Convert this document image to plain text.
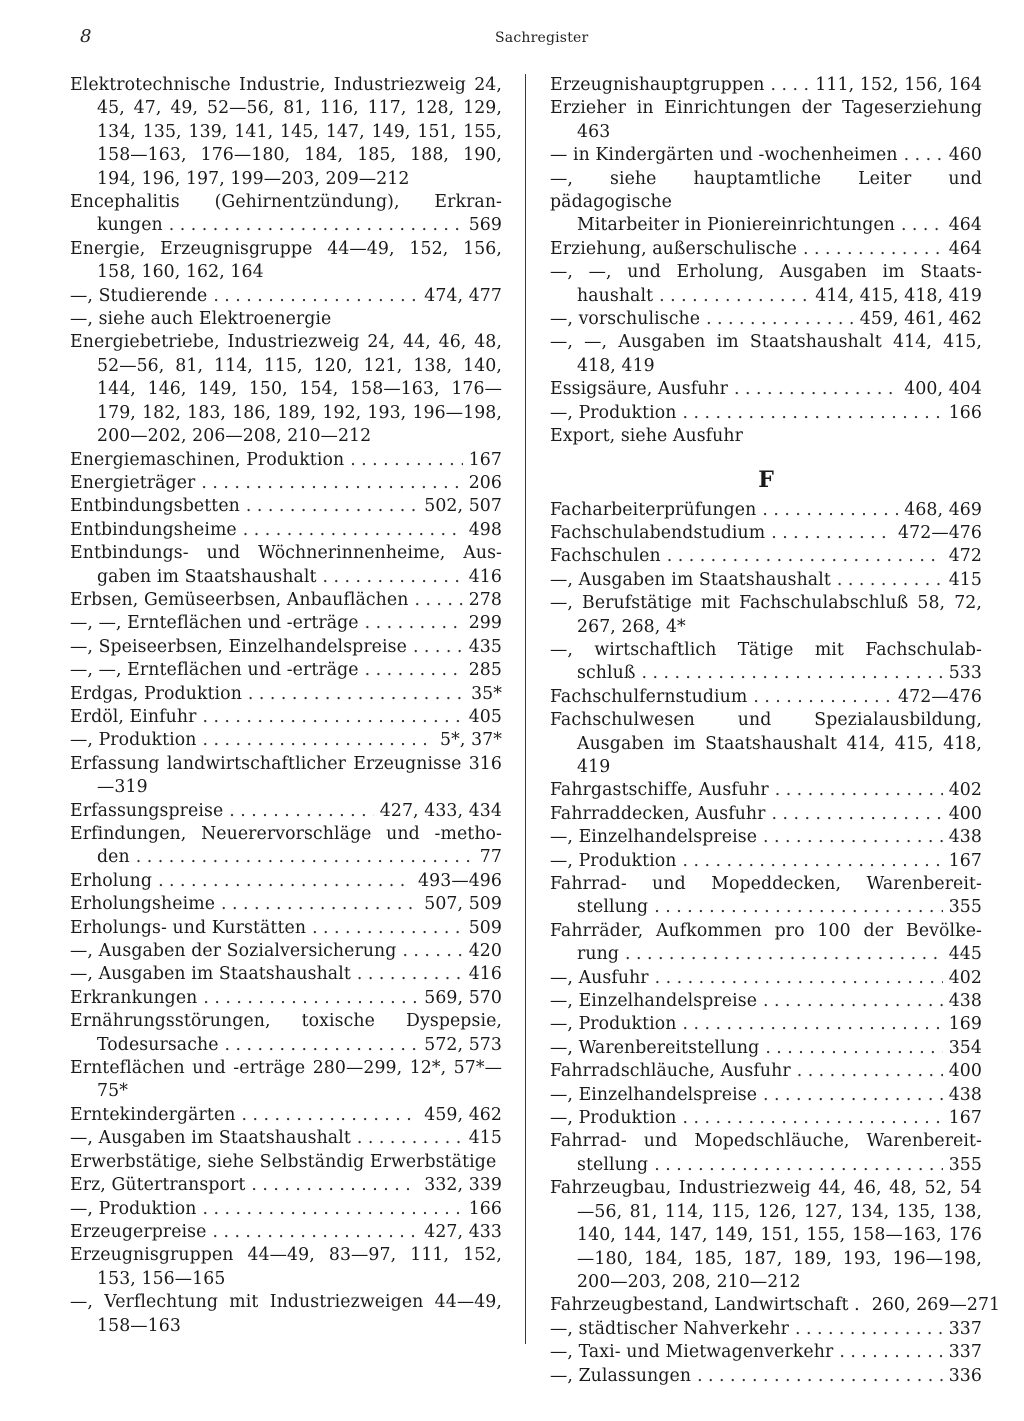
8	Sachregister
Elektrotechnische Industrie, Industriezweig 24, 45, 47, 49, 52—56, 81, 116, 117, 128, 129, 134, 135, 139, 141, 145, 147, 149, 151, 155, 158—163, 176—180, 184, 185, 188, 190, 194, 196, 197, 199—203, 209—212
Encephalitis (Gehirnentzündung), Erkran-
kungen . . .	569
Energie, Erzeugnisgruppe 44—49, 152, 156, 158, 160, 162, 164
—, Studierende . . .	474, 477
—, siehe auch Elektroenergie
Energiebetriebe, Industriezweig 24, 44, 46, 48, 52—56, 81, 114, 115, 120, 121, 138, 140, 144, 146, 149, 150, 154, 158—163, 176—179, 182, 183, 186, 189, 192, 193, 196—198, 200—202, 206—208, 210—212
Energiemaschinen, Produktion . . .	167
Energieträger . . .	206
Entbindungsbetten . . .	502, 507
Entbindungsheime . . .	498
Entbindungs- und Wöchnerinnenheime, Aus-
gaben im Staatshaushalt . . .	416
Erbsen, Gemüseerbsen, Anbauflächen . . .	278
—, —, Ernteflächen und -erträge . . .	299
—, Speiseerbsen, Einzelhandelspreise . . .	435
—, —, Ernteflächen und -erträge . . .	285
Erdgas, Produktion . . .	35*
Erdöl, Einfuhr . . .	405
—, Produktion . . .	5*, 37*
Erfassung landwirtschaftlicher Erzeugnisse 316—319
Erfassungspreise . . .	427, 433, 434
Erfindungen, Neuerervorschläge und -metho-
den . . .	77
Erholung . . .	493—496
Erholungsheime . . .	507, 509
Erholungs- und Kurstätten . . .	509
—, Ausgaben der Sozialversicherung . . .	420
—, Ausgaben im Staatshaushalt . . .	416
Erkrankungen . . .	569, 570
Ernährungsstörungen, toxische Dyspepsie,
Todesursache . . .	572, 573
Ernteflächen und -erträge 280—299, 12*, 57*—75*
Erntekindergärten . . .	459, 462
—, Ausgaben im Staatshaushalt . . .	415
Erwerbstätige, siehe Selbständig Erwerbstätige
Erz, Gütertransport . . .	332, 339
—, Produktion . . .	166
Erzeugerpreise . . .	427, 433
Erzeugnisgruppen 44—49, 83—97, 111, 152, 153, 156—165
—, Verflechtung mit Industriezweigen 44—49, 158—163
Erzeugnishauptgruppen . . .	111, 152, 156, 164
Erzieher in Einrichtungen der Tageserziehung 463
— in Kindergärten und -wochenheimen . . .	460
—, siehe hauptamtliche Leiter und pädagogische
Mitarbeiter in Pioniereinrichtungen . . .	464
Erziehung, außerschulische . . .	464
—, —, und Erholung, Ausgaben im Staats-
haushalt . . .	414, 415, 418, 419
—, vorschulische . . .	459, 461, 462
—, —, Ausgaben im Staatshaushalt 414, 415, 418, 419
Essigsäure, Ausfuhr . . .	400, 404
—, Produktion . . .	166
Export, siehe Ausfuhr
F
Facharbeiterprüfungen . . .	468, 469
Fachschulabendstudium . . .	472—476
Fachschulen . . .	472
—, Ausgaben im Staatshaushalt . . .	415
—, Berufstätige mit Fachschulabschluß 58, 72, 267, 268, 4*
—, wirtschaftlich Tätige mit Fachschulab-
schluß . . .	533
Fachschulfernstudium . . .	472—476
Fachschulwesen und Spezialausbildung, Ausgaben im Staatshaushalt 414, 415, 418, 419
Fahrgastschiffe, Ausfuhr . . .	402
Fahrraddecken, Ausfuhr . . .	400
—, Einzelhandelspreise . . .	438
—, Produktion . . .	167
Fahrrad- und Mopeddecken, Warenbereit-
stellung . . .	355
Fahrräder, Aufkommen pro 100 der Bevölke-
rung . . .	445
—, Ausfuhr . . .	402
—, Einzelhandelspreise . . .	438
—, Produktion . . .	169
—, Warenbereitstellung . . .	354
Fahrradschläuche, Ausfuhr . . .	400
—, Einzelhandelspreise . . .	438
—, Produktion . . .	167
Fahrrad- und Mopedschläuche, Warenbereit-
stellung . . .	355
Fahrzeugbau, Industriezweig 44, 46, 48, 52, 54—56, 81, 114, 115, 126, 127, 134, 135, 138, 140, 144, 147, 149, 151, 155, 158—163, 176—180, 184, 185, 187, 189, 193, 196—198, 200—203, 208, 210—212
Fahrzeugbestand, Landwirtschaft . 260, 269—271
—, städtischer Nahverkehr . . .	337
—, Taxi- und Mietwagenverkehr . . .	337
—, Zulassungen . . .	336
